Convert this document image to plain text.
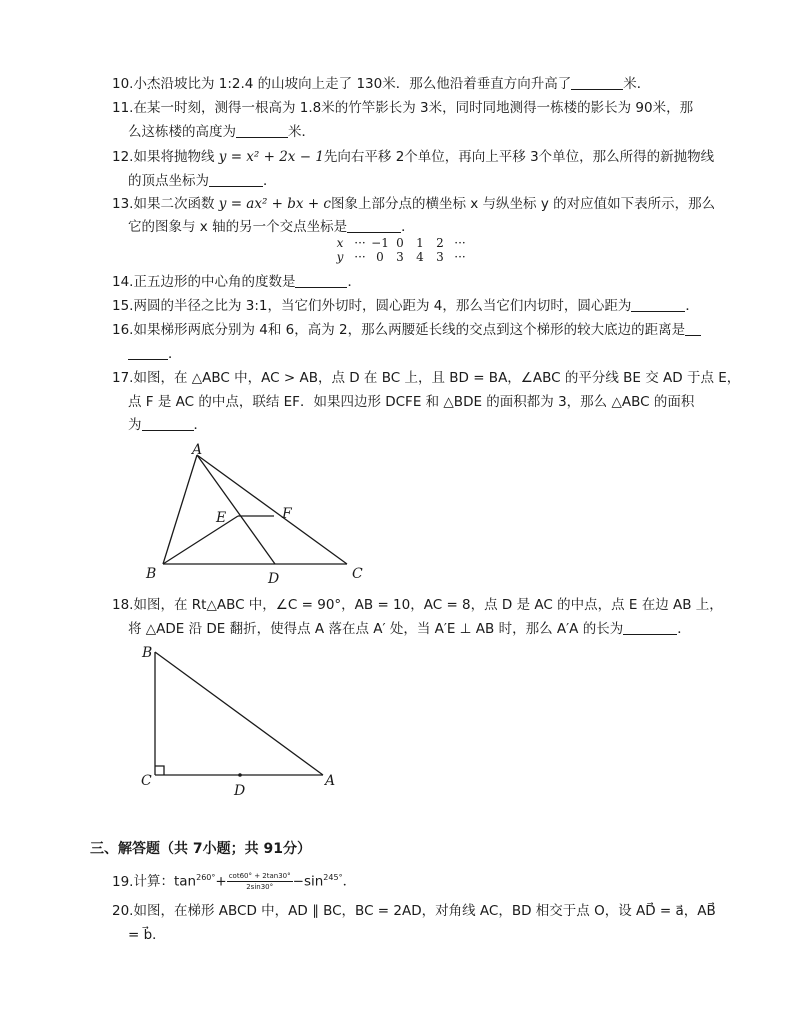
10.小杰沿坡比为 1:2.4 的山坡向上走了 130米．那么他沿着垂直方向升高了	米．
11.在某一时刻，测得一根高为 1.8米的竹竿影长为 3米，同时同地测得一栋楼的影长为 90米，那
么这栋楼的高度为	米．
12.如果将抛物线 y = x² + 2x − 1先向右平移 2个单位，再向上平移 3个单位，那么所得的新抛物线
的顶点坐标为	．
13.如果二次函数 y = ax² + bx + c图象上部分点的横坐标 x 与纵坐标 y 的对应值如下表所示，那么
它的图象与 x 轴的另一个交点坐标是	．
x ··· −1 0	1	2 ···
y ··· 0	3	4	3 ···
14.正五边形的中心角的度数是	．
15.两圆的半径之比为 3:1，当它们外切时，圆心距为 4，那么当它们内切时，圆心距为	．
16.如果梯形两底分别为 4和 6，高为 2，那么两腰延长线的交点到这个梯形的较大底边的距离是
．
17.如图，在 △ABC 中，AC > AB，点 D 在 BC 上，且 BD = BA，∠ABC 的平分线 BE 交 AD 于点 E，
点 F 是 AC 的中点，联结 EF．如果四边形 DCFE 和 △BDE 的面积都为 3，那么 △ABC 的面积
为	．
A
B	C
D
E	F
18.如图，在 Rt△ABC 中，∠C = 90°，AB = 10，AC = 8，点 D 是 AC 的中点，点 E 在边 AB 上，
将 △ADE 沿 DE 翻折，使得点 A 落在点 A′ 处，当 A′E ⊥ AB 时，那么 A′A 的长为	．
B
C	A
D
三、解答题（共 7小题；共 91分）
19.计算：$\tan^{260^\circ}+ \frac{\cot 60^\circ + 2\tan 30^\circ}{2\sin 30^\circ} -\sin^{245^\circ}$．
20.如图，在梯形 ABCD 中，AD ∥ BC，BC = 2AD，对角线 AC，BD 相交于点 O，设 AD⃗ = a⃗，AB⃗
= b⃗．
